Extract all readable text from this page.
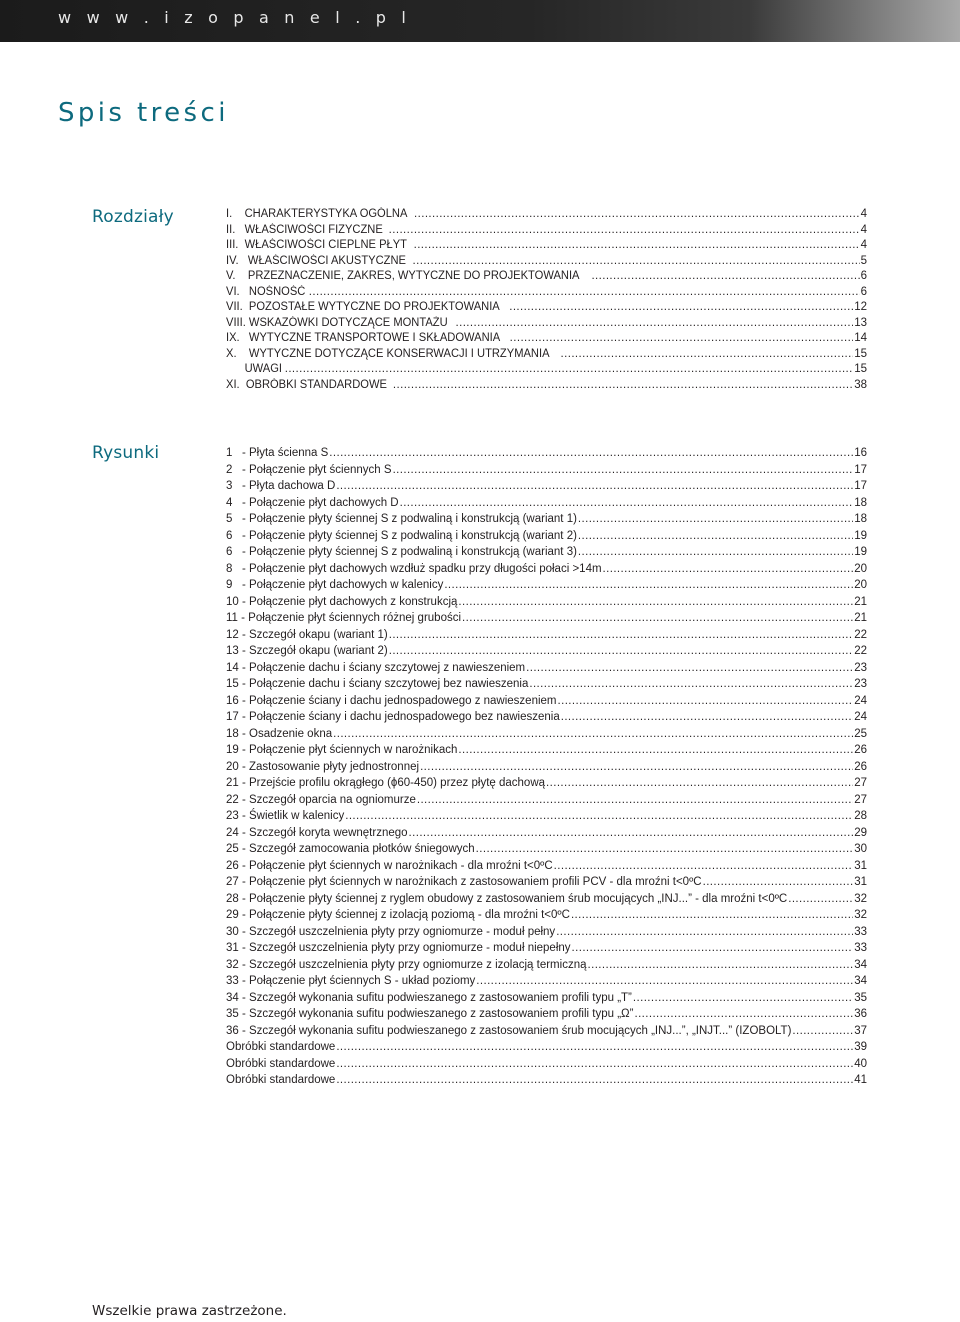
w w w . i z o p a n e l . p l
Spis treści
Rozdziały	I.    CHARAKTERYSTYKA OGÓLNA .....	4
II.   WŁAŚCIWOŚCI FIZYCZNE .....	4
III.  WŁAŚCIWOŚCI CIEPLNE PŁYT .....	4
IV.   WŁAŚCIWOŚCI AKUSTYCZNE .....	5
V.    PRZEZNACZENIE, ZAKRES, WYTYCZNE DO PROJEKTOWANIA .....	6
VI.   NOŚNOŚĆ .....	6
VII.  POZOSTAŁE WYTYCZNE DO PROJEKTOWANIA .....	12
VIII. WSKAZÓWKI DOTYCZĄCE MONTAŻU .....	13
IX.   WYTYCZNE TRANSPORTOWE I SKŁADOWANIA .....	14
X.    WYTYCZNE DOTYCZĄCE KONSERWACJI I UTRZYMANIA .....	15
UWAGI .....	15
XI.  OBRÓBKI STANDARDOWE .....	38
Rysunki	1   - Płyta ścienna S .....	16
2   - Połączenie płyt ściennych S .....	17
3   - Płyta dachowa D .....	17
4   - Połączenie płyt dachowych D .....	18
5   - Połączenie płyty ściennej S z podwaliną i konstrukcją (wariant 1) .....	18
6   - Połączenie płyty ściennej S z podwaliną i konstrukcją (wariant 2) .....	19
6   - Połączenie płyty ściennej S z podwaliną i konstrukcją (wariant 3) .....	19
8   - Połączenie płyt dachowych wzdłuż spadku przy długości połaci >14m .....	20
9   - Połączenie płyt dachowych w kalenicy .....	20
10 - Połączenie płyt dachowych z konstrukcją .....	21
11 - Połączenie płyt ściennych różnej grubości .....	21
12 - Szczegół okapu (wariant 1) .....	22
13 - Szczegół okapu (wariant 2) .....	22
14 - Połączenie dachu i ściany szczytowej z nawieszeniem .....	23
15 - Połączenie dachu i ściany szczytowej bez nawieszenia .....	23
16 - Połączenie ściany i dachu jednospadowego z nawieszeniem .....	24
17 - Połączenie ściany i dachu jednospadowego bez nawieszenia .....	24
18 - Osadzenie okna .....	25
19 - Połączenie płyt ściennych w narożnikach .....	26
20 - Zastosowanie płyty jednostronnej .....	26
21 - Przejście profilu okrągłego (ϕ60-450) przez płytę dachową .....	27
22 - Szczegół oparcia na ogniomurze .....	27
23 - Świetlik w kalenicy .....	28
24 - Szczegół koryta wewnętrznego .....	29
25 - Szczegół zamocowania płotków śniegowych .....	30
26 - Połączenie płyt ściennych w narożnikach - dla mroźni t<0ºC .....	31
27 - Połączenie płyt ściennych w narożnikach z zastosowaniem profili PCV - dla mroźni t<0ºC .....	31
28 - Połączenie płyty ściennej z ryglem obudowy z zastosowaniem śrub mocujących „INJ...” - dla mroźni t<0ºC .....	32
29 - Połączenie płyty ściennej z izolacją poziomą - dla mroźni t<0ºC .....	32
30 - Szczegół uszczelnienia płyty przy ogniomurze - moduł pełny .....	33
31 - Szczegół uszczelnienia płyty przy ogniomurze - moduł niepełny .....	33
32 - Szczegół uszczelnienia płyty przy ogniomurze z izolacją termiczną .....	34
33 - Połączenie płyt ściennych S - układ poziomy .....	34
34 - Szczegół wykonania sufitu podwieszanego z zastosowaniem profili typu „T” .....	35
35 - Szczegół wykonania sufitu podwieszanego z zastosowaniem profili typu „Ω” .....	36
36 - Szczegół wykonania sufitu podwieszanego z zastosowaniem śrub mocujących „INJ...”, „INJT...” (IZOBOLT) .....	37
Obróbki standardowe .....	39
Obróbki standardowe .....	40
Obróbki standardowe .....	41
Wszelkie prawa zastrzeżone.
